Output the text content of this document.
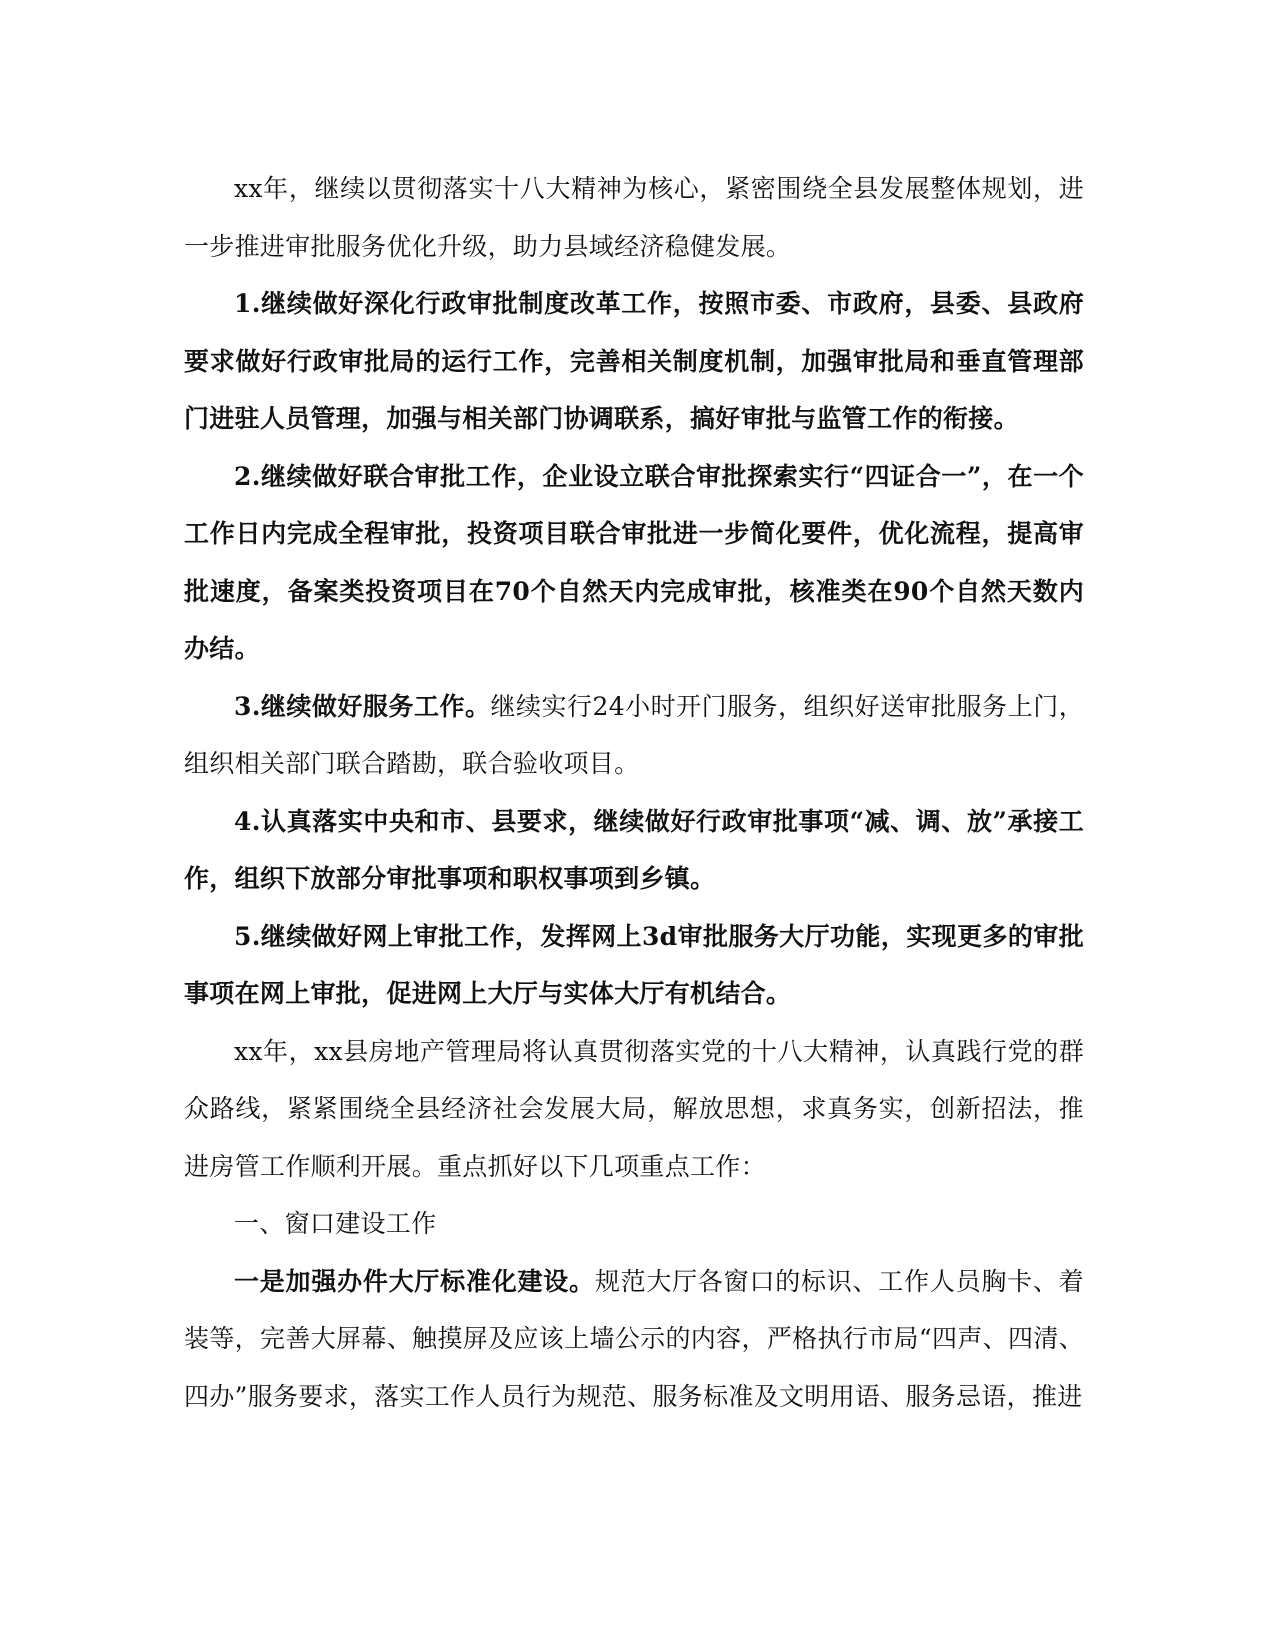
xx年，继续以贯彻落实十八大精神为核心，紧密围绕全县发展整体规划，进一步推进审批服务优化升级，助力县域经济稳健发展。

1.继续做好深化行政审批制度改革工作，按照市委、市政府，县委、县政府要求做好行政审批局的运行工作，完善相关制度机制，加强审批局和垂直管理部门进驻人员管理，加强与相关部门协调联系，搞好审批与监管工作的衔接。

2.继续做好联合审批工作，企业设立联合审批探索实行“四证合一”，在一个工作日内完成全程审批，投资项目联合审批进一步简化要件，优化流程，提高审批速度，备案类投资项目在70个自然天内完成审批，核准类在90个自然天数内办结。

3.继续做好服务工作。继续实行24小时开门服务，组织好送审批服务上门，组织相关部门联合踏勘，联合验收项目。

4.认真落实中央和市、县要求，继续做好行政审批事项“减、调、放”承接工作，组织下放部分审批事项和职权事项到乡镇。

5.继续做好网上审批工作，发挥网上3d审批服务大厅功能，实现更多的审批事项在网上审批，促进网上大厅与实体大厅有机结合。

xx年，xx县房地产管理局将认真贯彻落实党的十八大精神，认真践行党的群众路线，紧紧围绕全县经济社会发展大局，解放思想，求真务实，创新招法，推进房管工作顺利开展。重点抓好以下几项重点工作：

一、窗口建设工作

一是加强办件大厅标准化建设。规范大厅各窗口的标识、工作人员胸卡、着装等，完善大屏幕、触摸屏及应该上墙公示的内容，严格执行市局“四声、四清、四办”服务要求，落实工作人员行为规范、服务标准及文明用语、服务忌语，推进
